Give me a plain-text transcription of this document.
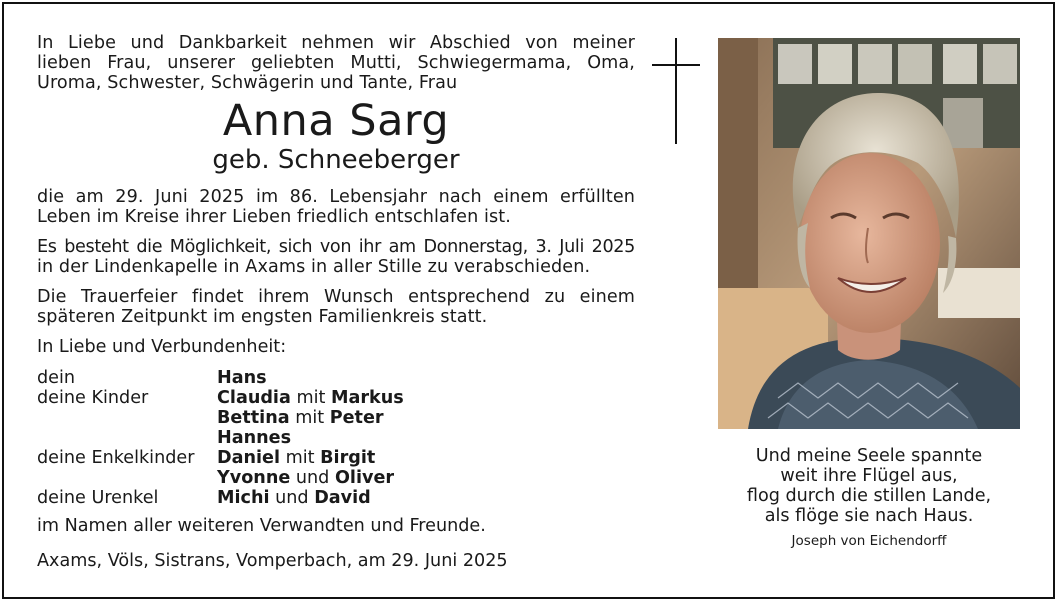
In Liebe und Dankbarkeit nehmen wir Abschied von meiner

lieben Frau, unserer geliebten Mutti, Schwiegermama, Oma,

Uroma, Schwester, Schwägerin und Tante, Frau

Anna Sarg
geb. Schneeberger

die am 29. Juni 2025 im 86. Lebensjahr nach einem erfüllten

Leben im Kreise ihrer Lieben friedlich entschlafen ist.

Es besteht die Möglichkeit, sich von ihr am Donnerstag, 3. Juli 2025

in der Lindenkapelle in Axams in aller Stille zu verabschieden.

Die Trauerfeier findet ihrem Wunsch entsprechend zu einem

späteren Zeitpunkt im engsten Familienkreis statt.

In Liebe und Verbundenheit:
dein	Hans
deine Kinder	Claudia mit Markus
Bettina mit Peter
Hannes
deine Enkelkinder	Daniel mit Birgit
Yvonne und Oliver
deine Urenkel	Michi und David
im Namen aller weiteren Verwandten und Freunde.
Axams, Völs, Sistrans, Vomperbach, am 29. Juni 2025
Und meine Seele spannte
weit ihre Flügel aus,
flog durch die stillen Lande,
als flöge sie nach Haus.
Joseph von Eichendorff
